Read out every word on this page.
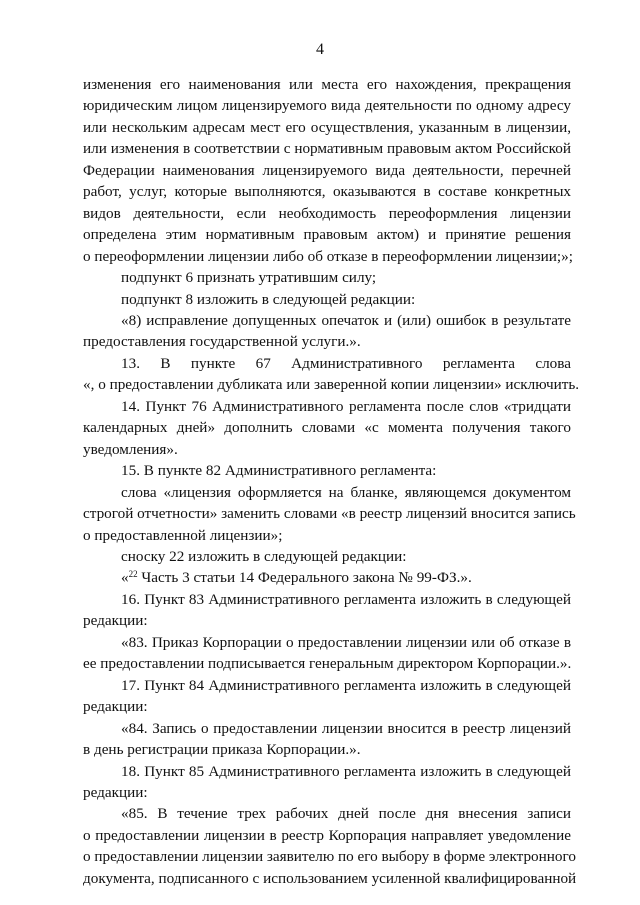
4
изменения его наименования или места его нахождения, прекращения
юридическим лицом лицензируемого вида деятельности по одному адресу
или нескольким адресам мест его осуществления, указанным в лицензии,
или изменения в соответствии с нормативным правовым актом Российской
Федерации наименования лицензируемого вида деятельности, перечней
работ, услуг, которые выполняются, оказываются в составе конкретных
видов деятельности, если необходимость переоформления лицензии
определена этим нормативным правовым актом) и принятие решения
о переоформлении лицензии либо об отказе в переоформлении лицензии;»;
подпункт 6 признать утратившим силу;
подпункт 8 изложить в следующей редакции:
«8) исправление допущенных опечаток и (или) ошибок в результате
предоставления государственной услуги.».
13. В пункте 67 Административного регламента слова
«, о предоставлении дубликата или заверенной копии лицензии» исключить.
14. Пункт 76 Административного регламента после слов «тридцати
календарных дней» дополнить словами «с момента получения такого
уведомления».
15. В пункте 82 Административного регламента:
слова «лицензия оформляется на бланке, являющемся документом
строгой отчетности» заменить словами «в реестр лицензий вносится запись
о предоставленной лицензии»;
сноску 22 изложить в следующей редакции:
«$^{22}$ Часть 3 статьи 14 Федерального закона № 99-ФЗ.».
16. Пункт 83 Административного регламента изложить в следующей
редакции:
«83. Приказ Корпорации о предоставлении лицензии или об отказе в
ее предоставлении подписывается генеральным директором Корпорации.».
17. Пункт 84 Административного регламента изложить в следующей
редакции:
«84. Запись о предоставлении лицензии вносится в реестр лицензий
в день регистрации приказа Корпорации.».
18. Пункт 85 Административного регламента изложить в следующей
редакции:
«85. В течение трех рабочих дней после дня внесения записи
о предоставлении лицензии в реестр Корпорация направляет уведомление
о предоставлении лицензии заявителю по его выбору в форме электронного
документа, подписанного с использованием усиленной квалифицированной
